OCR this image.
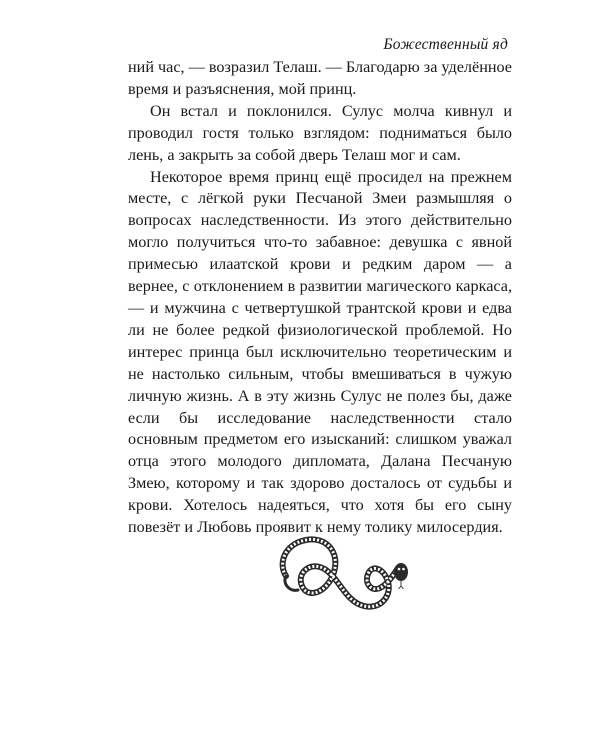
Божественный яд

ний час, — возразил Телаш. — Благодарю за уделённое время и разъяснения, мой принц.

Он встал и поклонился. Сулус молча кивнул и проводил гостя только взглядом: подниматься было лень, а закрыть за собой дверь Телаш мог и сам.

Некоторое время принц ещё просидел на прежнем месте, с лёгкой руки Песчаной Змеи размышляя о вопросах наследственности. Из этого действительно могло получиться что-то забавное: девушка с явной примесью илаатской крови и редким даром — а вернее, с отклонением в развитии магического каркаса, — и мужчина с четвертушкой трантской крови и едва ли не более редкой физиологической проблемой. Но интерес принца был исключительно теоретическим и не настолько сильным, чтобы вмешиваться в чужую личную жизнь. А в эту жизнь Сулус не полез бы, даже если бы исследование наследственности стало основным предметом его изысканий: слишком уважал отца этого молодого дипломата, Далана Песчаную Змею, которому и так здорово досталось от судьбы и крови. Хотелось надеяться, что хотя бы его сыну повезёт и Любовь проявит к нему толику милосердия.
